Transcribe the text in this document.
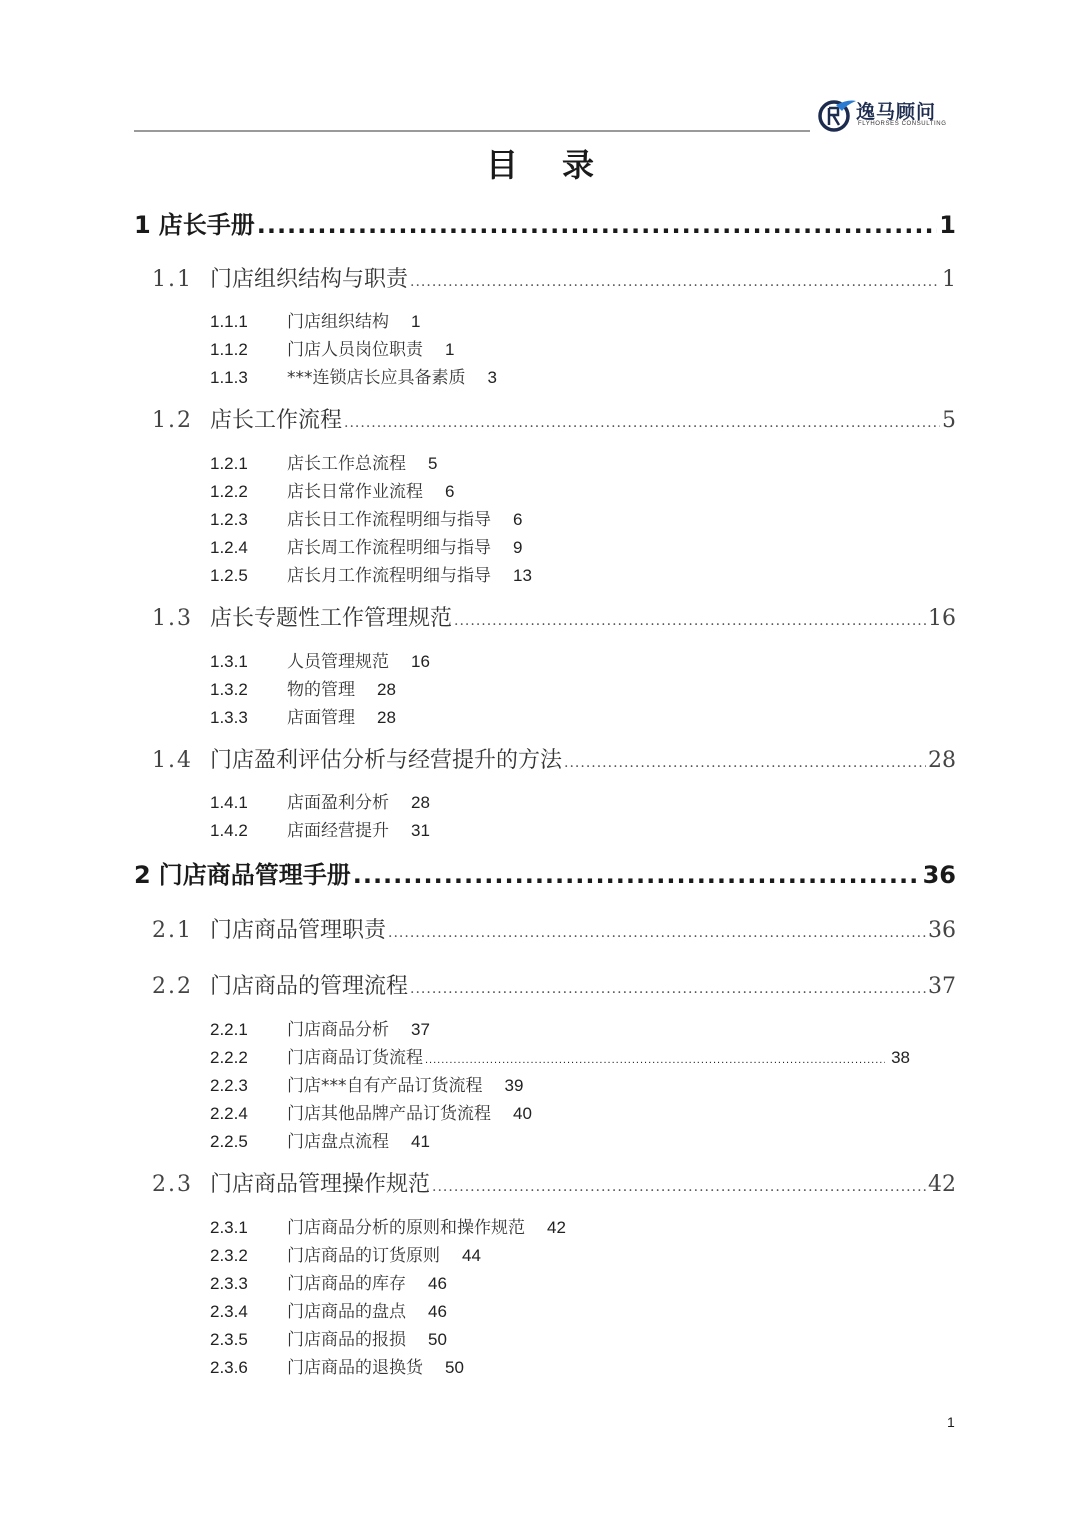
逸马顾问
FLYHORSES CONSULTING
目录
1 店长手册 .....	1
1.1 门店组织结构与职责 .....	1
1.1.1	门店组织结构 1
1.1.2	门店人员岗位职责 1
1.1.3	***连锁店长应具备素质 3
1.2 店长工作流程 .....	5
1.2.1	店长工作总流程 5
1.2.2	店长日常作业流程 6
1.2.3	店长日工作流程明细与指导 6
1.2.4	店长周工作流程明细与指导 9
1.2.5	店长月工作流程明细与指导 13
1.3 店长专题性工作管理规范 .....	16
1.3.1	人员管理规范 16
1.3.2	物的管理 28
1.3.3	店面管理 28
1.4 门店盈利评估分析与经营提升的方法 .....	28
1.4.1	店面盈利分析 28
1.4.2	店面经营提升 31
2 门店商品管理手册 .....	36
2.1 门店商品管理职责 .....	36
2.2 门店商品的管理流程 .....	37
2.2.1	门店商品分析 37
2.2.2	门店商品订货流程 .....	38
2.2.3	门店***自有产品订货流程 39
2.2.4	门店其他品牌产品订货流程 40
2.2.5	门店盘点流程 41
2.3 门店商品管理操作规范 .....	42
2.3.1	门店商品分析的原则和操作规范 42
2.3.2	门店商品的订货原则 44
2.3.3	门店商品的库存 46
2.3.4	门店商品的盘点 46
2.3.5	门店商品的报损 50
2.3.6	门店商品的退换货 50
1
